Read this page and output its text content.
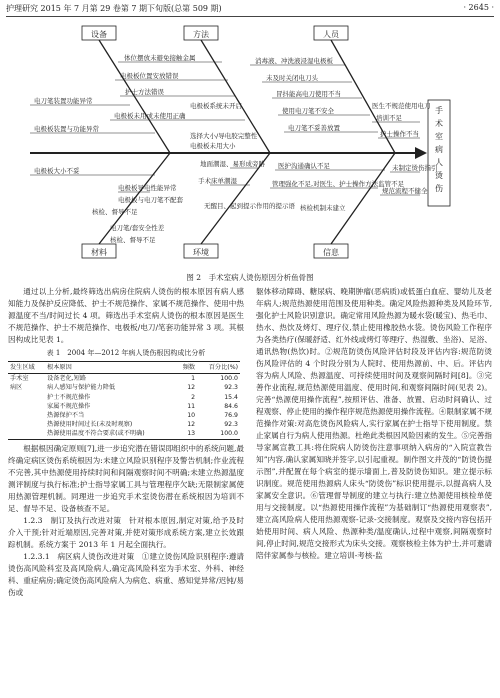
护理研究 2015 年 7 月第 29 卷第 7 期下旬版(总第 509 期)	· 2645 ·
手术室病人烫伤
设备	方法	人员
材料	环境	信息
体位摆放未避免接触金属
电极板位置安放错误
护士方法错误
电刀笔装置功能异常
电极板未用或未使用正确
电极板装置与功能异常
电极板系统未开启
选择大小/导电胶完整性
电极板未用大小
消毒液、冲洗液浸湿电极板
未及时关闭电刀头
冒抖能高电刀使用不当
使用电刀笔不安全
电刀笔不妥善放置
医生不规范使用电刀
培训不足
护士操作不当
电极板大小不妥
电极板导电性能异常
电极板与电刀笔不配套
核检、督导不足
电刀笔/套安全性差
核检、督导不足
地面潮湿、易形成旁路
手术床单潮湿
无醒目、起到提示作用的提示语
医护沟通确认不足
管理强化不足,对医生、护士操作方法监管不足
核检机制未建立
未制定烫伤指引
规范流程不健全
图 2　手术室病人烫伤原因分析鱼骨图

通过以上分析,最终筛选出病房住院病人烫伤的根本原因有病人感知能力及保护反应降低、护士不规范操作、家属不规范操作、使用中热源温度不当/时间过长 4 项。筛选出手术室病人烫伤的根本原因是医生不规范操作、护士不规范操作、电极板/电刀/笔套功能异常 3 项。其根因构成比见表 1。

表 1　2004 年—2012 年病人烫伤根因构成比分析
发生区域	根本原因	频数	百分比(%)
手术室	设备老化,短路	1	100.0
病区	病人感知与保护能力降低	12	92.3
	护士不规范操作	2	15.4
	家属不规范操作	11	84.6
	热源保护不当	10	76.9
	热源使用时间过长(未及时观察)	12	92.3
	热源使用温度不符合要求(或不明确)	13	100.0

根据根因确定原则[7],进一步追究潜在错误即组织中的系统问题,最终确定病区烫伤系统根因为:未建立风险识别程序及警告机制;作业流程不完善,其中热源使用持续时间和间隔观察时间不明确;未建立热源温度测评制度与执行标准;护士指导家属工具与管理程序欠缺;无限制家属使用热源管理机制。同理进一步追究手术室烫伤潜在系统根因为培训不足、督导不足、设备核查不足。

1.2.3　制订及执行改进对策　针对根本原因,制定对策,给予及时介入干预;针对近端原因,完善对策,并使对策形成系统方案,建立长效跟踪机制。系统方案于 2013 年 1 月起全面执行。

1.2.3.1　病区病人烫伤改进对策　①建立烫伤风险识别程序:遵请烫伤高风险科室及高风险病人,确定高风险科室为手术室、外科、神经科、重症病房;确定烫伤高风险病人为病危、病重、感知觉异常/迟钝/易伤或

躯体移动障碍、糖尿病、晚期肿瘤(恶病质)或低蛋白血症、婴幼儿及老年病人;规范热源使用范围及使用种类。确定风险热源种类及风险环节,强化护士风险识别意识。确定常用风险热源为暖水袋(暖宝)、热毛巾、热水、热饮及烤灯、理疗仪,禁止使用橡胶热水袋。烫伤风险工作程序为各类热疗(保暖舒适、红外线或烤灯等理疗、热湿敷、坐浴)、足浴、通讯热物(热饮)时。②规范防烫伤风险评估时段及评估内容:规范防烫伤风险评估的 4 个时段分别为人院时、使用热源前、中、后。评估内容为病人风险、热源温度、可持续使用时间及观察间隔时间[8]。③完善作业流程,规范热源使用温度、使用时间,和观察间隔时间(见表 2)。完善“热源使用操作流程”,按照评估、准备、放置、启动时间确认、过程观察、停止使用的操作程序规范热源使用操作流程。④限制家属不规范操作对策:对高危烫伤风险病人,实行家属在护士指导下使用制度。禁止家属自行为病人使用热源。杜绝此类根因风险因素的发生。⑤完善指导家属宣教工具:将住院病人防烫伤注意事项纳入病房的“入院宣教告知”内容,确认家属知晓并签字,以引起重视。制作图文并茂的“防烫伤提示图”,并配置在每个病室的提示墙面上,普及防烫伤知识。建立提示标识制度。规范使用热源病人床头“防烫伤”标识使用提示,以提高病人及家属安全意识。⑥管理督导制度的建立与执行:建立热源使用核检单使用与交接制度。以“热源使用操作流程”为基础制订“热源使用观察表”,建立高风险病人使用热源观察-记录-交接制度。观察及交接内容包括开始使用时间、病人风险、热源种类/温度确认,过程中观察,间隔观察时间,停止时间,规范交接形式为床头交接。观察核检主体为护士,并可邀请陪伴家属参与核检。建立培训-考核-监
